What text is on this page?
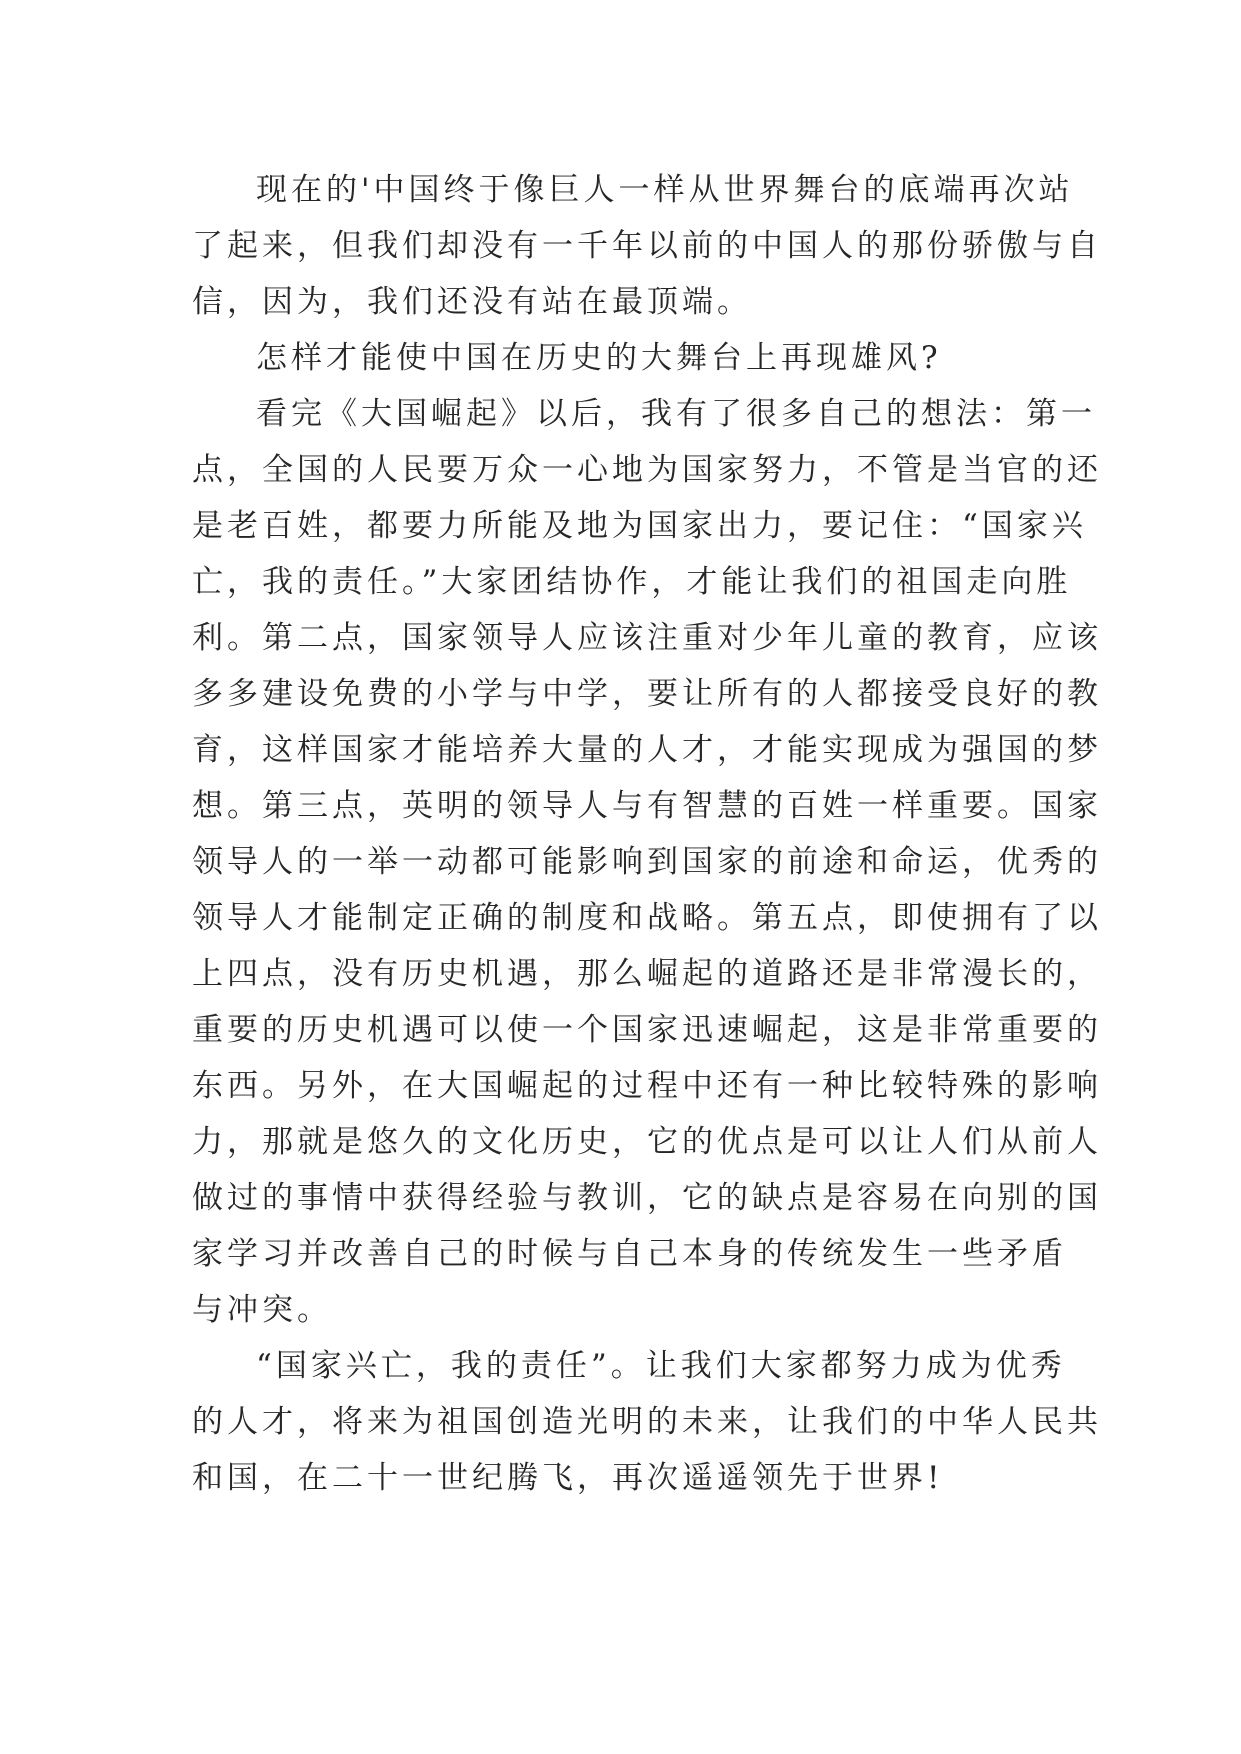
现在的'中国终于像巨人一样从世界舞台的底端再次站
了起来，但我们却没有一千年以前的中国人的那份骄傲与自
信，因为，我们还没有站在最顶端。
怎样才能使中国在历史的大舞台上再现雄风?
看完《大国崛起》以后，我有了很多自己的想法：第一
点，全国的人民要万众一心地为国家努力，不管是当官的还
是老百姓，都要力所能及地为国家出力，要记住：“国家兴
亡，我的责任。”大家团结协作，才能让我们的祖国走向胜
利。第二点，国家领导人应该注重对少年儿童的教育，应该
多多建设免费的小学与中学，要让所有的人都接受良好的教
育，这样国家才能培养大量的人才，才能实现成为强国的梦
想。第三点，英明的领导人与有智慧的百姓一样重要。国家
领导人的一举一动都可能影响到国家的前途和命运，优秀的
领导人才能制定正确的制度和战略。第五点，即使拥有了以
上四点，没有历史机遇，那么崛起的道路还是非常漫长的，
重要的历史机遇可以使一个国家迅速崛起，这是非常重要的
东西。另外，在大国崛起的过程中还有一种比较特殊的影响
力，那就是悠久的文化历史，它的优点是可以让人们从前人
做过的事情中获得经验与教训，它的缺点是容易在向别的国
家学习并改善自己的时候与自己本身的传统发生一些矛盾
与冲突。
“国家兴亡，我的责任”。让我们大家都努力成为优秀
的人才，将来为祖国创造光明的未来，让我们的中华人民共
和国，在二十一世纪腾飞，再次遥遥领先于世界!
